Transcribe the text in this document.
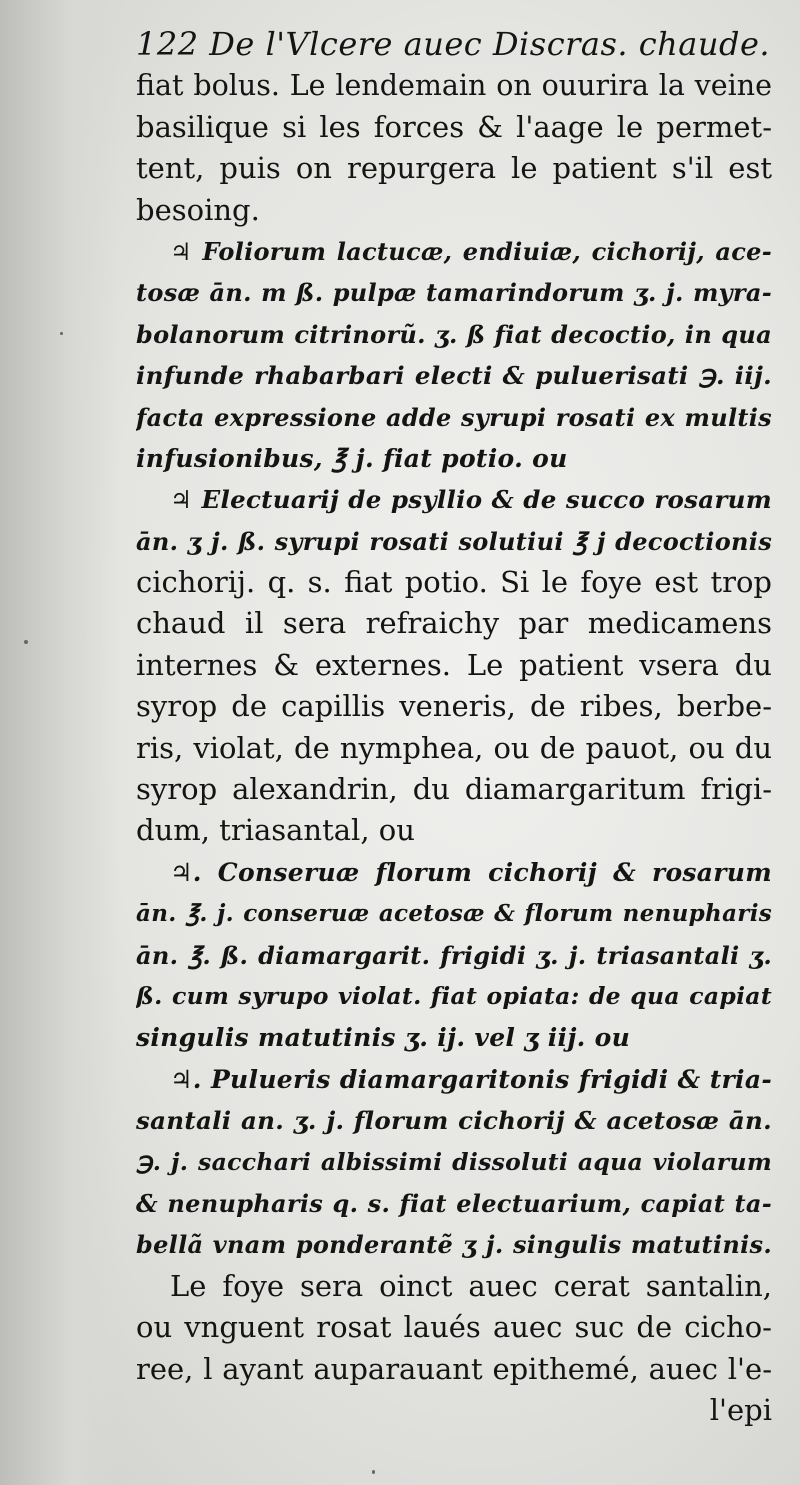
122 De l'Vlcere auec Discras. chaude.
fiat bolus. Le lendemain on ouurira la veine
basilique si les forces & l'aage le permet-
tent, puis on repurgera le patient s'il est
besoing.
♃ Foliorum lactucæ, endiuiæ, cichorij, ace-
tosæ ān. m ß. pulpæ tamarindorum ʒ. j. myra-
bolanorum citrinorũ. ʒ. ß fiat decoctio, in qua
infunde rhabarbari electi & puluerisati ℈. iij.
facta expressione adde syrupi rosati ex multis
infusionibus, ℥ j. fiat potio. ou
♃ Electuarij de psyllio & de succo rosarum
ān. ʒ j. ß. syrupi rosati solutiui ℥ j decoctionis
cichorij. q. s. fiat potio. Si le foye est trop
chaud il sera refraichy par medicamens
internes & externes. Le patient vsera du
syrop de capillis veneris, de ribes, berbe-
ris, violat, de nymphea, ou de pauot, ou du
syrop alexandrin, du diamargaritum frigi-
dum, triasantal, ou
♃. Conseruæ florum cichorij & rosarum
ān. ℥. j. conseruæ acetosæ & florum nenupharis
ān. ℥. ß. diamargarit. frigidi ʒ. j. triasantali ʒ.
ß. cum syrupo violat. fiat opiata: de qua capiat
singulis matutinis ʒ. ij. vel ʒ iij. ou
♃. Pulueris diamargaritonis frigidi & tria-
santali an. ʒ. j. florum cichorij & acetosæ ān.
℈. j. sacchari albissimi dissoluti aqua violarum
& nenupharis q. s. fiat electuarium, capiat ta-
bellã vnam ponderantẽ ʒ j. singulis matutinis.
Le foye sera oinct auec cerat santalin,
ou vnguent rosat laués auec suc de cicho-
ree, l ayant auparauant epithemé, auec l'e-
l'epi
